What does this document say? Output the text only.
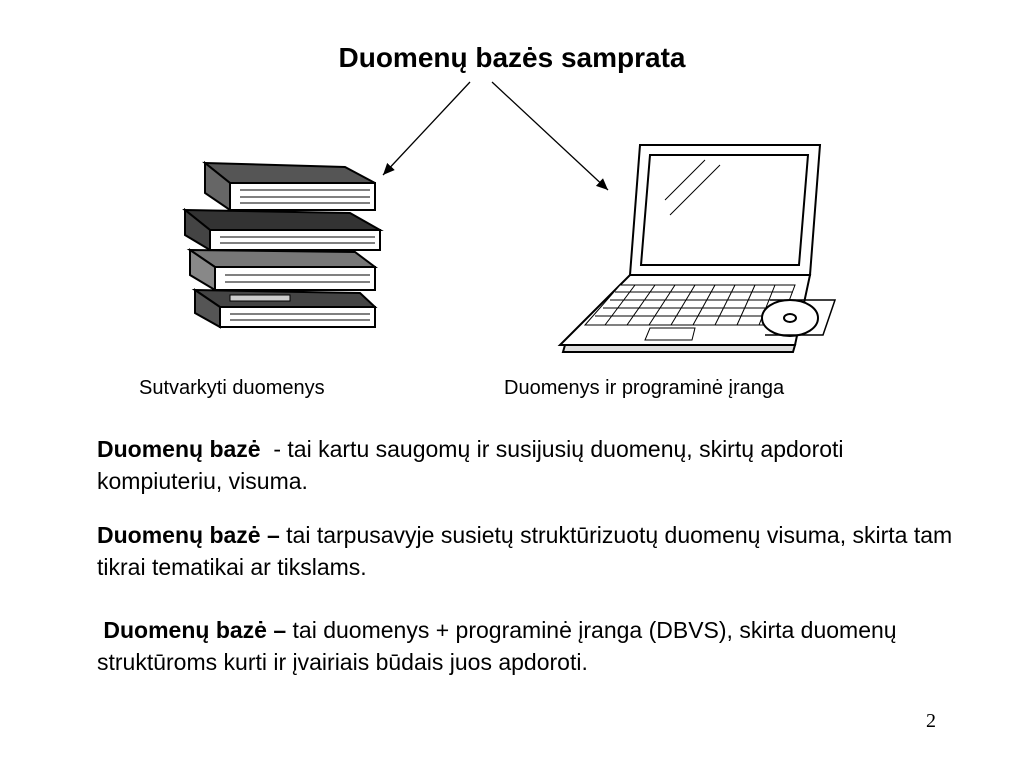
Duomenų bazės samprata
Sutvarkyti duomenys	Duomenys ir programinė įranga
Duomenų bazė  - tai kartu saugomų ir susijusių duomenų, skirtų apdoroti kompiuteriu, visuma.
Duomenų bazė – tai tarpusavyje susietų struktūrizuotų duomenų visuma, skirta tam tikrai tematikai ar tikslams.
Duomenų bazė – tai duomenys + programinė įranga (DBVS), skirta duomenų struktūroms kurti ir įvairiais būdais juos apdoroti.
2
